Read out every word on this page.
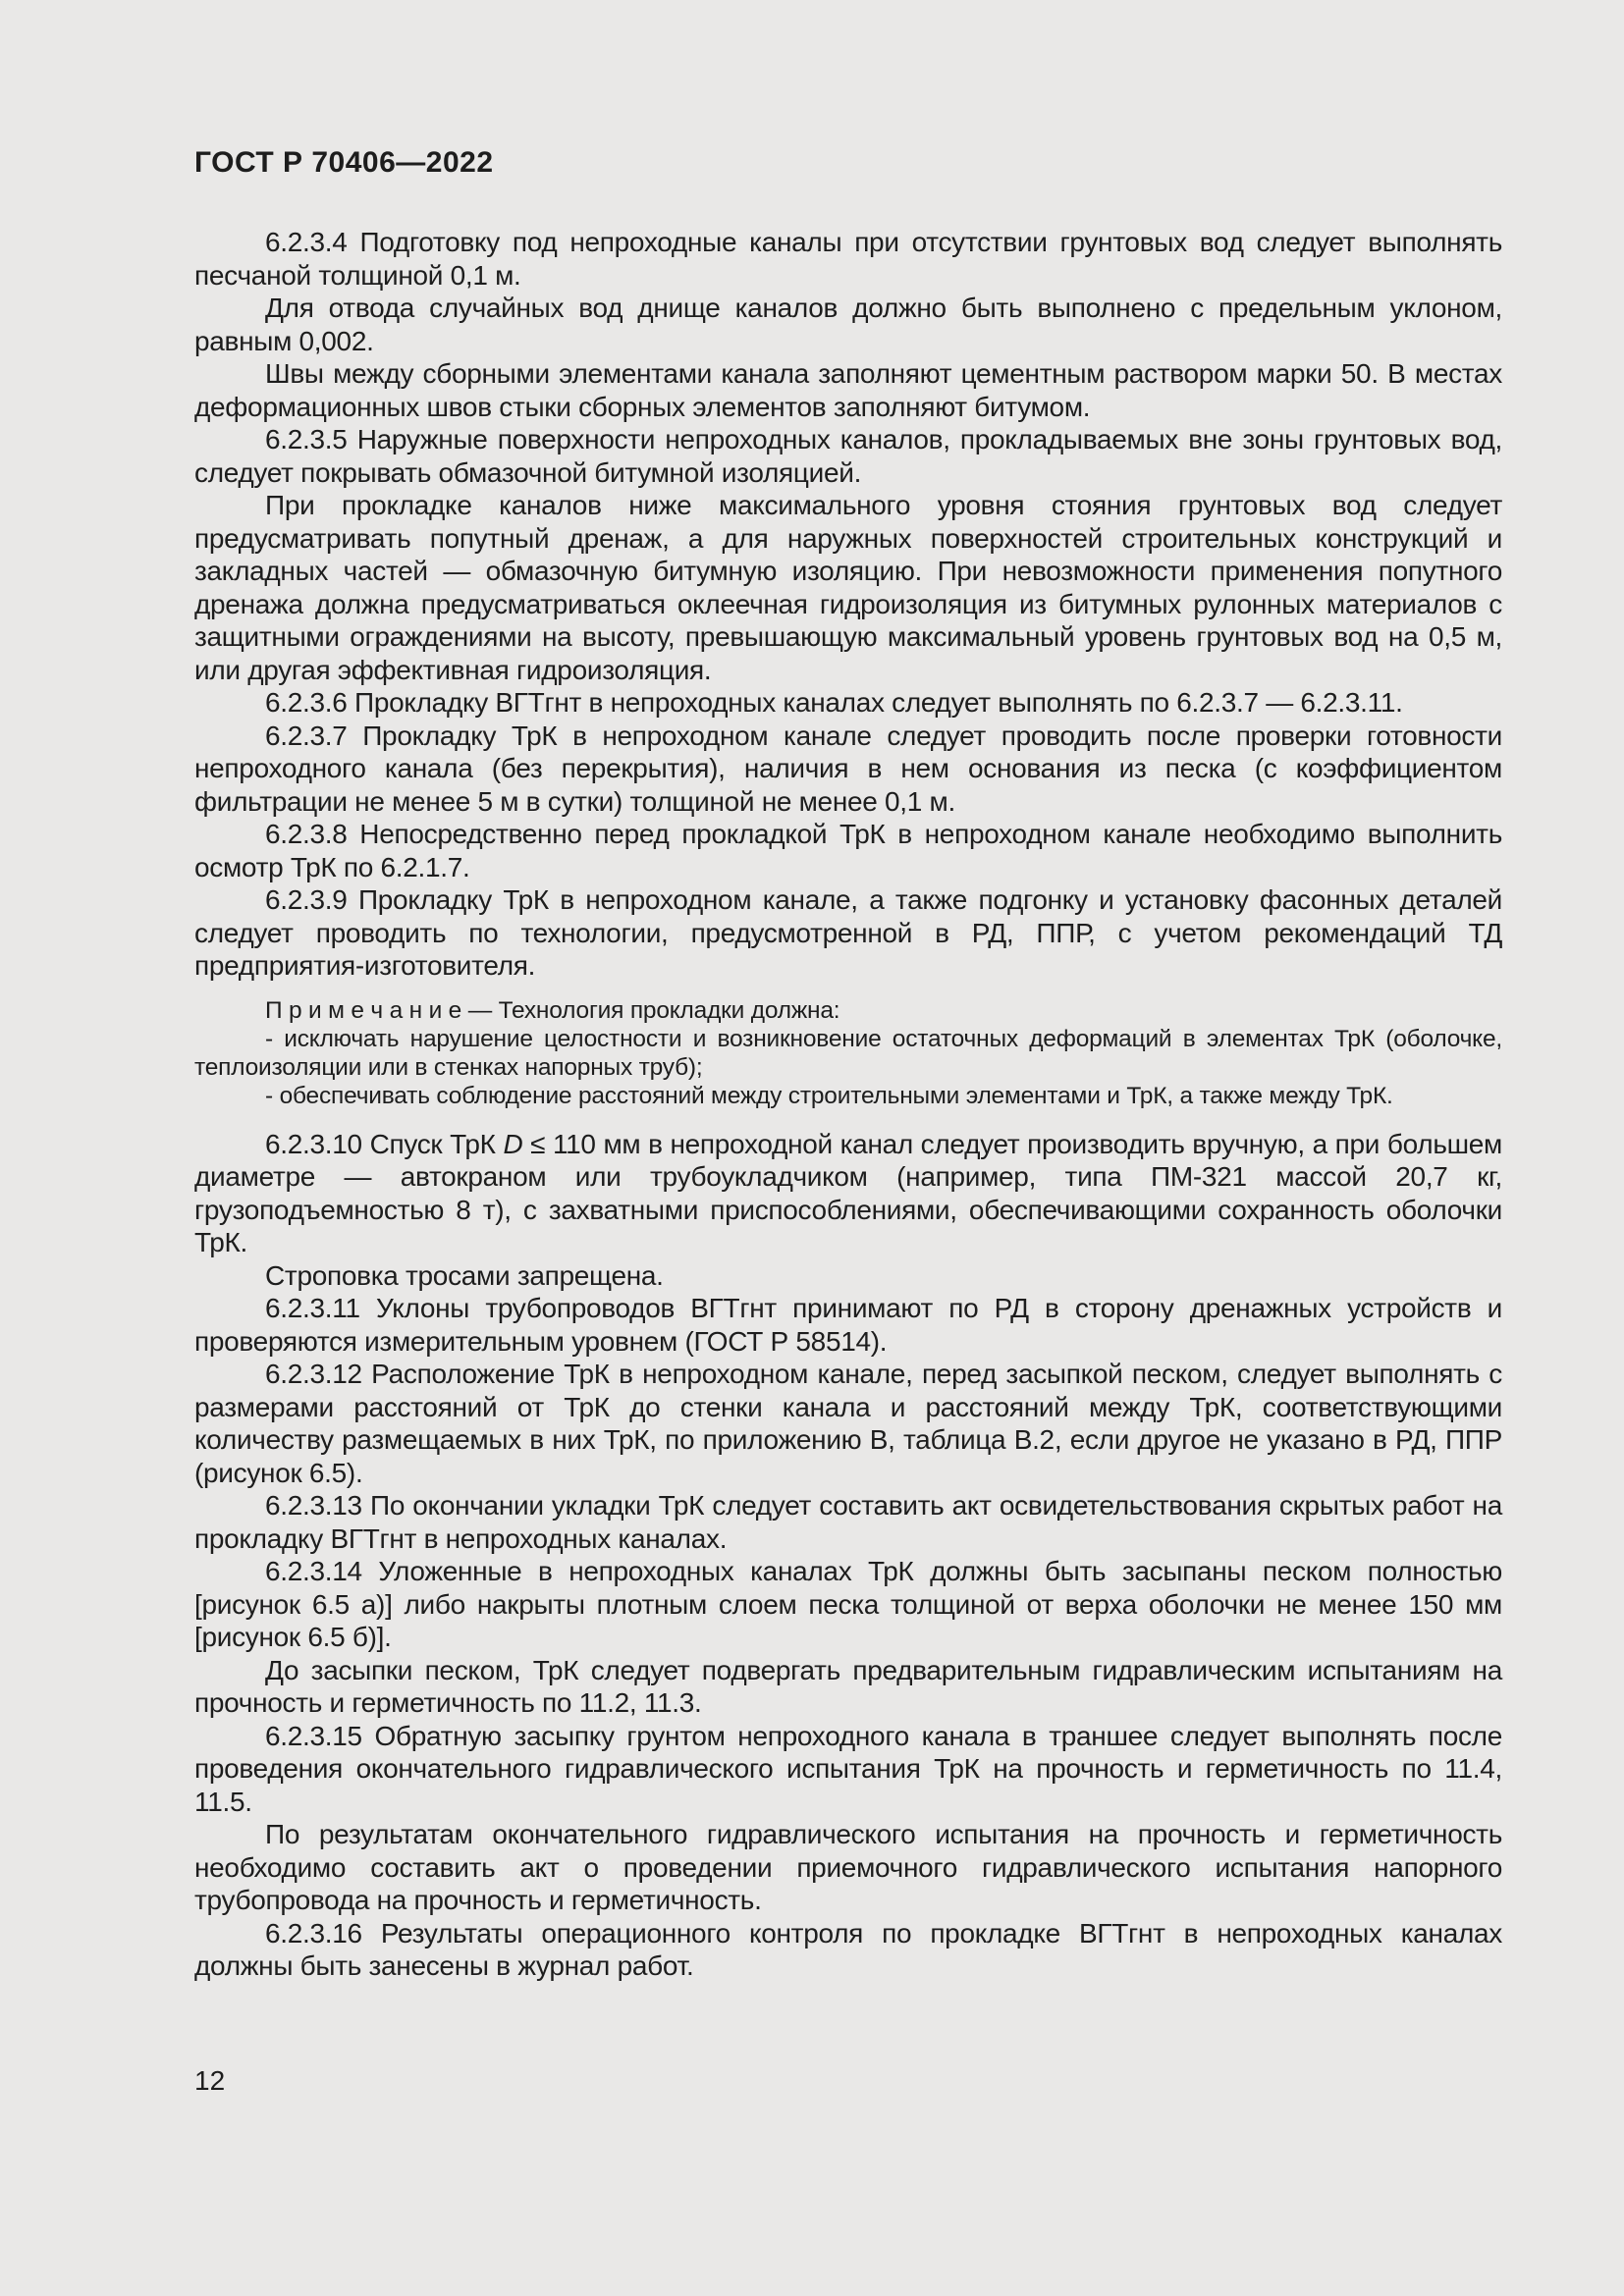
ГОСТ Р 70406—2022

6.2.3.4 Подготовку под непроходные каналы при отсутствии грунтовых вод следует выполнять песчаной толщиной 0,1 м.

Для отвода случайных вод днище каналов должно быть выполнено с предельным уклоном, равным 0,002.

Швы между сборными элементами канала заполняют цементным раствором марки 50. В местах деформационных швов стыки сборных элементов заполняют битумом.

6.2.3.5 Наружные поверхности непроходных каналов, прокладываемых вне зоны грунтовых вод, следует покрывать обмазочной битумной изоляцией.

При прокладке каналов ниже максимального уровня стояния грунтовых вод следует предусматривать попутный дренаж, а для наружных поверхностей строительных конструкций и закладных частей — обмазочную битумную изоляцию. При невозможности применения попутного дренажа должна предусматриваться оклеечная гидроизоляция из битумных рулонных материалов с защитными ограждениями на высоту, превышающую максимальный уровень грунтовых вод на 0,5 м, или другая эффективная гидроизоляция.

6.2.3.6 Прокладку ВГТгнт в непроходных каналах следует выполнять по 6.2.3.7 — 6.2.3.11.

6.2.3.7 Прокладку ТрК в непроходном канале следует проводить после проверки готовности непроходного канала (без перекрытия), наличия в нем основания из песка (с коэффициентом фильтрации не менее 5 м в сутки) толщиной не менее 0,1 м.

6.2.3.8 Непосредственно перед прокладкой ТрК в непроходном канале необходимо выполнить осмотр ТрК по 6.2.1.7.

6.2.3.9 Прокладку ТрК в непроходном канале, а также подгонку и установку фасонных деталей следует проводить по технологии, предусмотренной в РД, ППР, с учетом рекомендаций ТД предприятия-изготовителя.

П р и м е ч а н и е — Технология прокладки должна:

- исключать нарушение целостности и возникновение остаточных деформаций в элементах ТрК (оболочке, теплоизоляции или в стенках напорных труб);

- обеспечивать соблюдение расстояний между строительными элементами и ТрК, а также между ТрК.

6.2.3.10 Спуск ТрК D ≤ 110 мм в непроходной канал следует производить вручную, а при большем диаметре — автокраном или трубоукладчиком (например, типа ПМ-321 массой 20,7 кг, грузоподъемностью 8 т), с захватными приспособлениями, обеспечивающими сохранность оболочки ТрК.

Строповка тросами запрещена.

6.2.3.11 Уклоны трубопроводов ВГТгнт принимают по РД в сторону дренажных устройств и проверяются измерительным уровнем (ГОСТ Р 58514).

6.2.3.12 Расположение ТрК в непроходном канале, перед засыпкой песком, следует выполнять с размерами расстояний от ТрК до стенки канала и расстояний между ТрК, соответствующими количеству размещаемых в них ТрК, по приложению В, таблица В.2, если другое не указано в РД, ППР (рисунок 6.5).

6.2.3.13 По окончании укладки ТрК следует составить акт освидетельствования скрытых работ на прокладку ВГТгнт в непроходных каналах.

6.2.3.14 Уложенные в непроходных каналах ТрК должны быть засыпаны песком полностью [рисунок 6.5 а)] либо накрыты плотным слоем песка толщиной от верха оболочки не менее 150 мм [рисунок 6.5 б)].

До засыпки песком, ТрК следует подвергать предварительным гидравлическим испытаниям на прочность и герметичность по 11.2, 11.3.

6.2.3.15 Обратную засыпку грунтом непроходного канала в траншее следует выполнять после проведения окончательного гидравлического испытания ТрК на прочность и герметичность по 11.4, 11.5.

По результатам окончательного гидравлического испытания на прочность и герметичность необходимо составить акт о проведении приемочного гидравлического испытания напорного трубопровода на прочность и герметичность.

6.2.3.16 Результаты операционного контроля по прокладке ВГТгнт в непроходных каналах должны быть занесены в журнал работ.

12
